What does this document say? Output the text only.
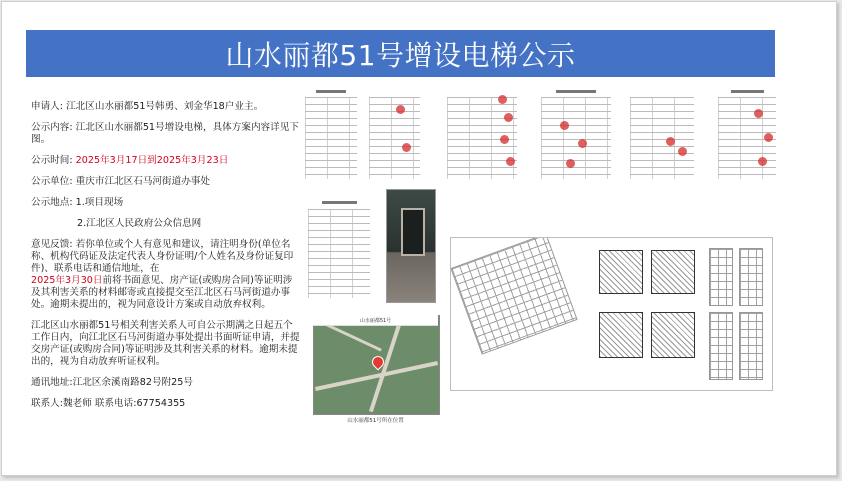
山水丽都51号增设电梯公示

申请人: 江北区山水丽都51号韩勇、刘金华18户业主。

公示内容: 江北区山水丽都51号增设电梯，具体方案内容详见下图。

公示时间: 2025年3月17日到2025年3月23日

公示单位: 重庆市江北区石马河街道办事处

公示地点: 1.项目现场

2.江北区人民政府公众信息网

意见反馈: 若你单位或个人有意见和建议，请注明身份(单位名称、机构代码证及法定代表人身份证明/个人姓名及身份证复印件)、联系电话和通信地址，在
2025年3月30日前将书面意见、房产证(或购房合同)等证明涉及其利害关系的材料邮寄或直接提交至江北区石马河街道办事处。逾期未提出的，视为同意设计方案或自动放弃权利。

江北区山水丽都51号相关利害关系人可自公示期满之日起五个工作日内，向江北区石马河街道办事处提出书面听证申请，并提交房产证(或购房合同)等证明涉及其利害关系的材料。逾期未提出的，视为自动放弃听证权利。

通讯地址:江北区余溪南路82号附25号

联系人:魏老师 联系电话:67754355

山水丽都51号
山水丽都51号所在位置
